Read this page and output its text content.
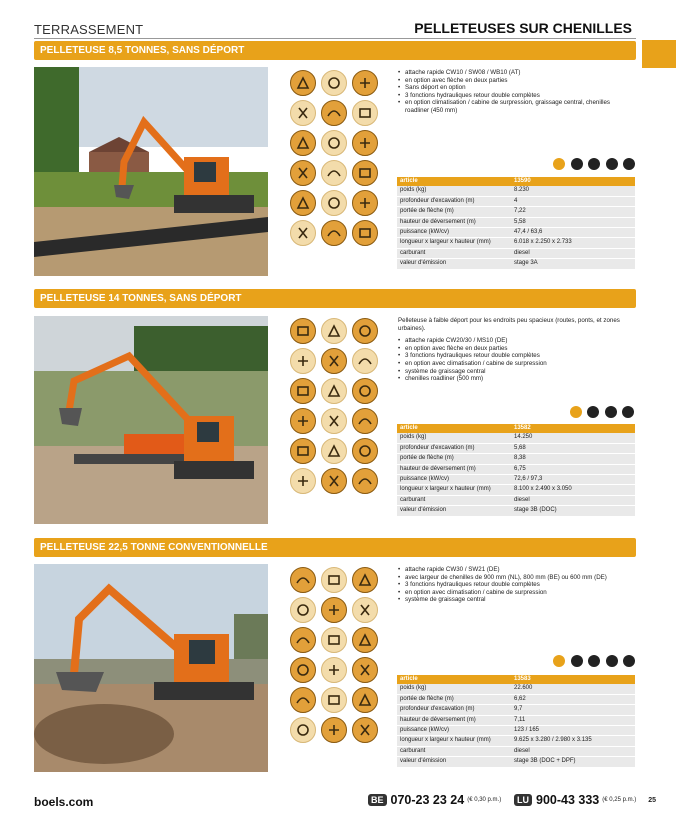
TERRASSEMENT	PELLETEUSES SUR CHENILLES
PELLETEUSE 8,5 TONNES, SANS DÉPORT
• attache rapide CW10 / SW08 / WB10 (AT)
• en option avec flèche en deux parties
• Sans déport en option
• 3 fonctions hydrauliques retour double complètes
• en option climatisation / cabine de surpression, graissage central, chenilles roadliner (450 mm)
article	13590
poids (kg)	8.230
profondeur d'excavation (m)	4
portée de flèche (m)	7,22
hauteur de déversement (m)	5,58
puissance (kW/cv)	47,4 / 63,6
longueur x largeur x hauteur (mm)	6.018 x 2.250 x 2.733
carburant	diesel
valeur d'émission	stage 3A
PELLETEUSE 14 TONNES, SANS DÉPORT

Pelleteuse à faible déport pour les endroits peu spacieux (routes, ponts, et zones urbaines).

• attache rapide CW20/30 / MS10 (DE)
• en option avec flèche en deux parties
• 3 fonctions hydrauliques retour double complètes
• en option avec climatisation / cabine de surpression
• système de graissage central
• chenilles roadliner (500 mm)
article	13582
poids (kg)	14.250
profondeur d'excavation (m)	5,68
portée de flèche (m)	8,38
hauteur de déversement (m)	6,75
puissance (kW/cv)	72,6 / 97,3
longueur x largeur x hauteur (mm)	8.100 x 2.490 x 3.050
carburant	diesel
valeur d'émission	stage 3B (DOC)
PELLETEUSE 22,5 TONNE CONVENTIONNELLE
• attache rapide CW30 / SW21 (DE)
• avec largeur de chenilles de 900 mm (NL), 800 mm (BE) ou 600 mm (DE)
• 3 fonctions hydrauliques retour double complètes
• en option avec climatisation / cabine de surpression
• système de graissage central
article	13583
poids (kg)	22.600
portée de flèche (m)	6,62
profondeur d'excavation (m)	9,7
hauteur de déversement (m)	7,11
puissance (kW/cv)	123 / 165
longueur x largeur x hauteur (mm)	9.625 x 3.280 / 2.980 x 3.135
carburant	diesel
valeur d'émission	stage 3B (DOC + DPF)
boels.com	BE 070-23 23 24 (€ 0,30 p.m.)	LU 900-43 333 (€ 0,25 p.m.) 25
